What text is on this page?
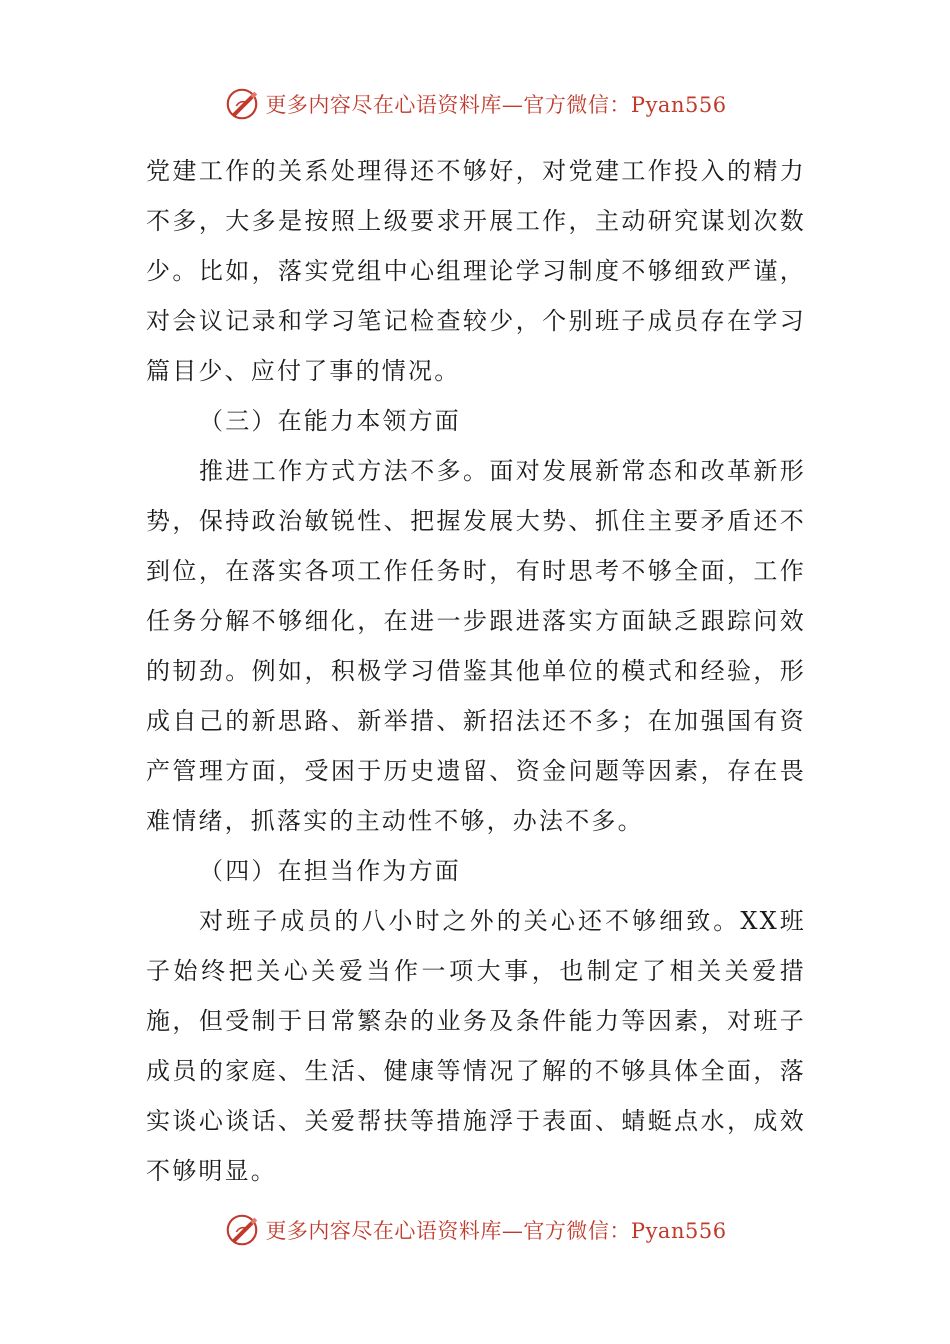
更多内容尽在心语资料库—官方微信：Pyan556

党建工作的关系处理得还不够好，对党建工作投入的精力不多，大多是按照上级要求开展工作，主动研究谋划次数少。比如，落实党组中心组理论学习制度不够细致严谨，对会议记录和学习笔记检查较少，个别班子成员存在学习篇目少、应付了事的情况。

（三）在能力本领方面

推进工作方式方法不多。面对发展新常态和改革新形势，保持政治敏锐性、把握发展大势、抓住主要矛盾还不到位，在落实各项工作任务时，有时思考不够全面，工作任务分解不够细化，在进一步跟进落实方面缺乏跟踪问效的韧劲。例如，积极学习借鉴其他单位的模式和经验，形成自己的新思路、新举措、新招法还不多；在加强国有资产管理方面，受困于历史遗留、资金问题等因素，存在畏难情绪，抓落实的主动性不够，办法不多。

（四）在担当作为方面

对班子成员的八小时之外的关心还不够细致。XX班子始终把关心关爱当作一项大事，也制定了相关关爱措施，但受制于日常繁杂的业务及条件能力等因素，对班子成员的家庭、生活、健康等情况了解的不够具体全面，落实谈心谈话、关爱帮扶等措施浮于表面、蜻蜓点水，成效不够明显。

更多内容尽在心语资料库—官方微信：Pyan556
